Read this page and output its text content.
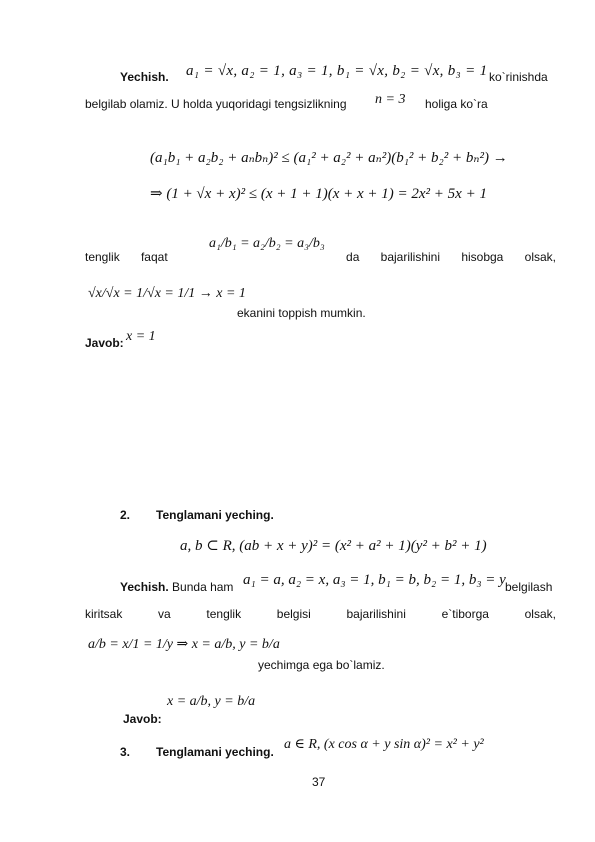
Yechish. a₁ = √x, a₂ = 1, a₃ = 1, b₁ = √x, b₂ = √x, b₃ = 1 ko`rinishda
belgilab olamiz. U holda yuqoridagi tengsizlikning n = 3 holiga ko`ra
(a₁b₁ + a₂b₂ + aₙbₙ)² ≤ (a₁² + a₂² + aₙ²)(b₁² + b₂² + bₙ²) →
⇒ (1 + √x + x)² ≤ (x + 1 + 1)(x + x + 1) = 2x² + 5x + 1
tenglik faqat
a₁/b₁ = a₂/b₂ = a₃/b₃
da bajarilishini hisobga olsak,
√x/√x = 1/√x = 1/1 → x = 1
ekanini toppish mumkin.
Javob: x = 1
2. Tenglamani yeching.
a, b ⊂ R, (ab + x + y)² = (x² + a² + 1)(y² + b² + 1)
Yechish. Bunda ham a₁ = a, a₂ = x, a₃ = 1, b₁ = b, b₂ = 1, b₃ = y belgilash
kiritsak	va	tenglik	belgisi	bajarilishini	e`tiborga	olsak,
a/b = x/1 = 1/y ⇒ x = a/b, y = b/a
yechimga ega bo`lamiz.
Javob:
x = a/b, y = b/a
3. Tenglamani yeching. a ∈ R, (x cos α + y sin α)² = x² + y²
37
